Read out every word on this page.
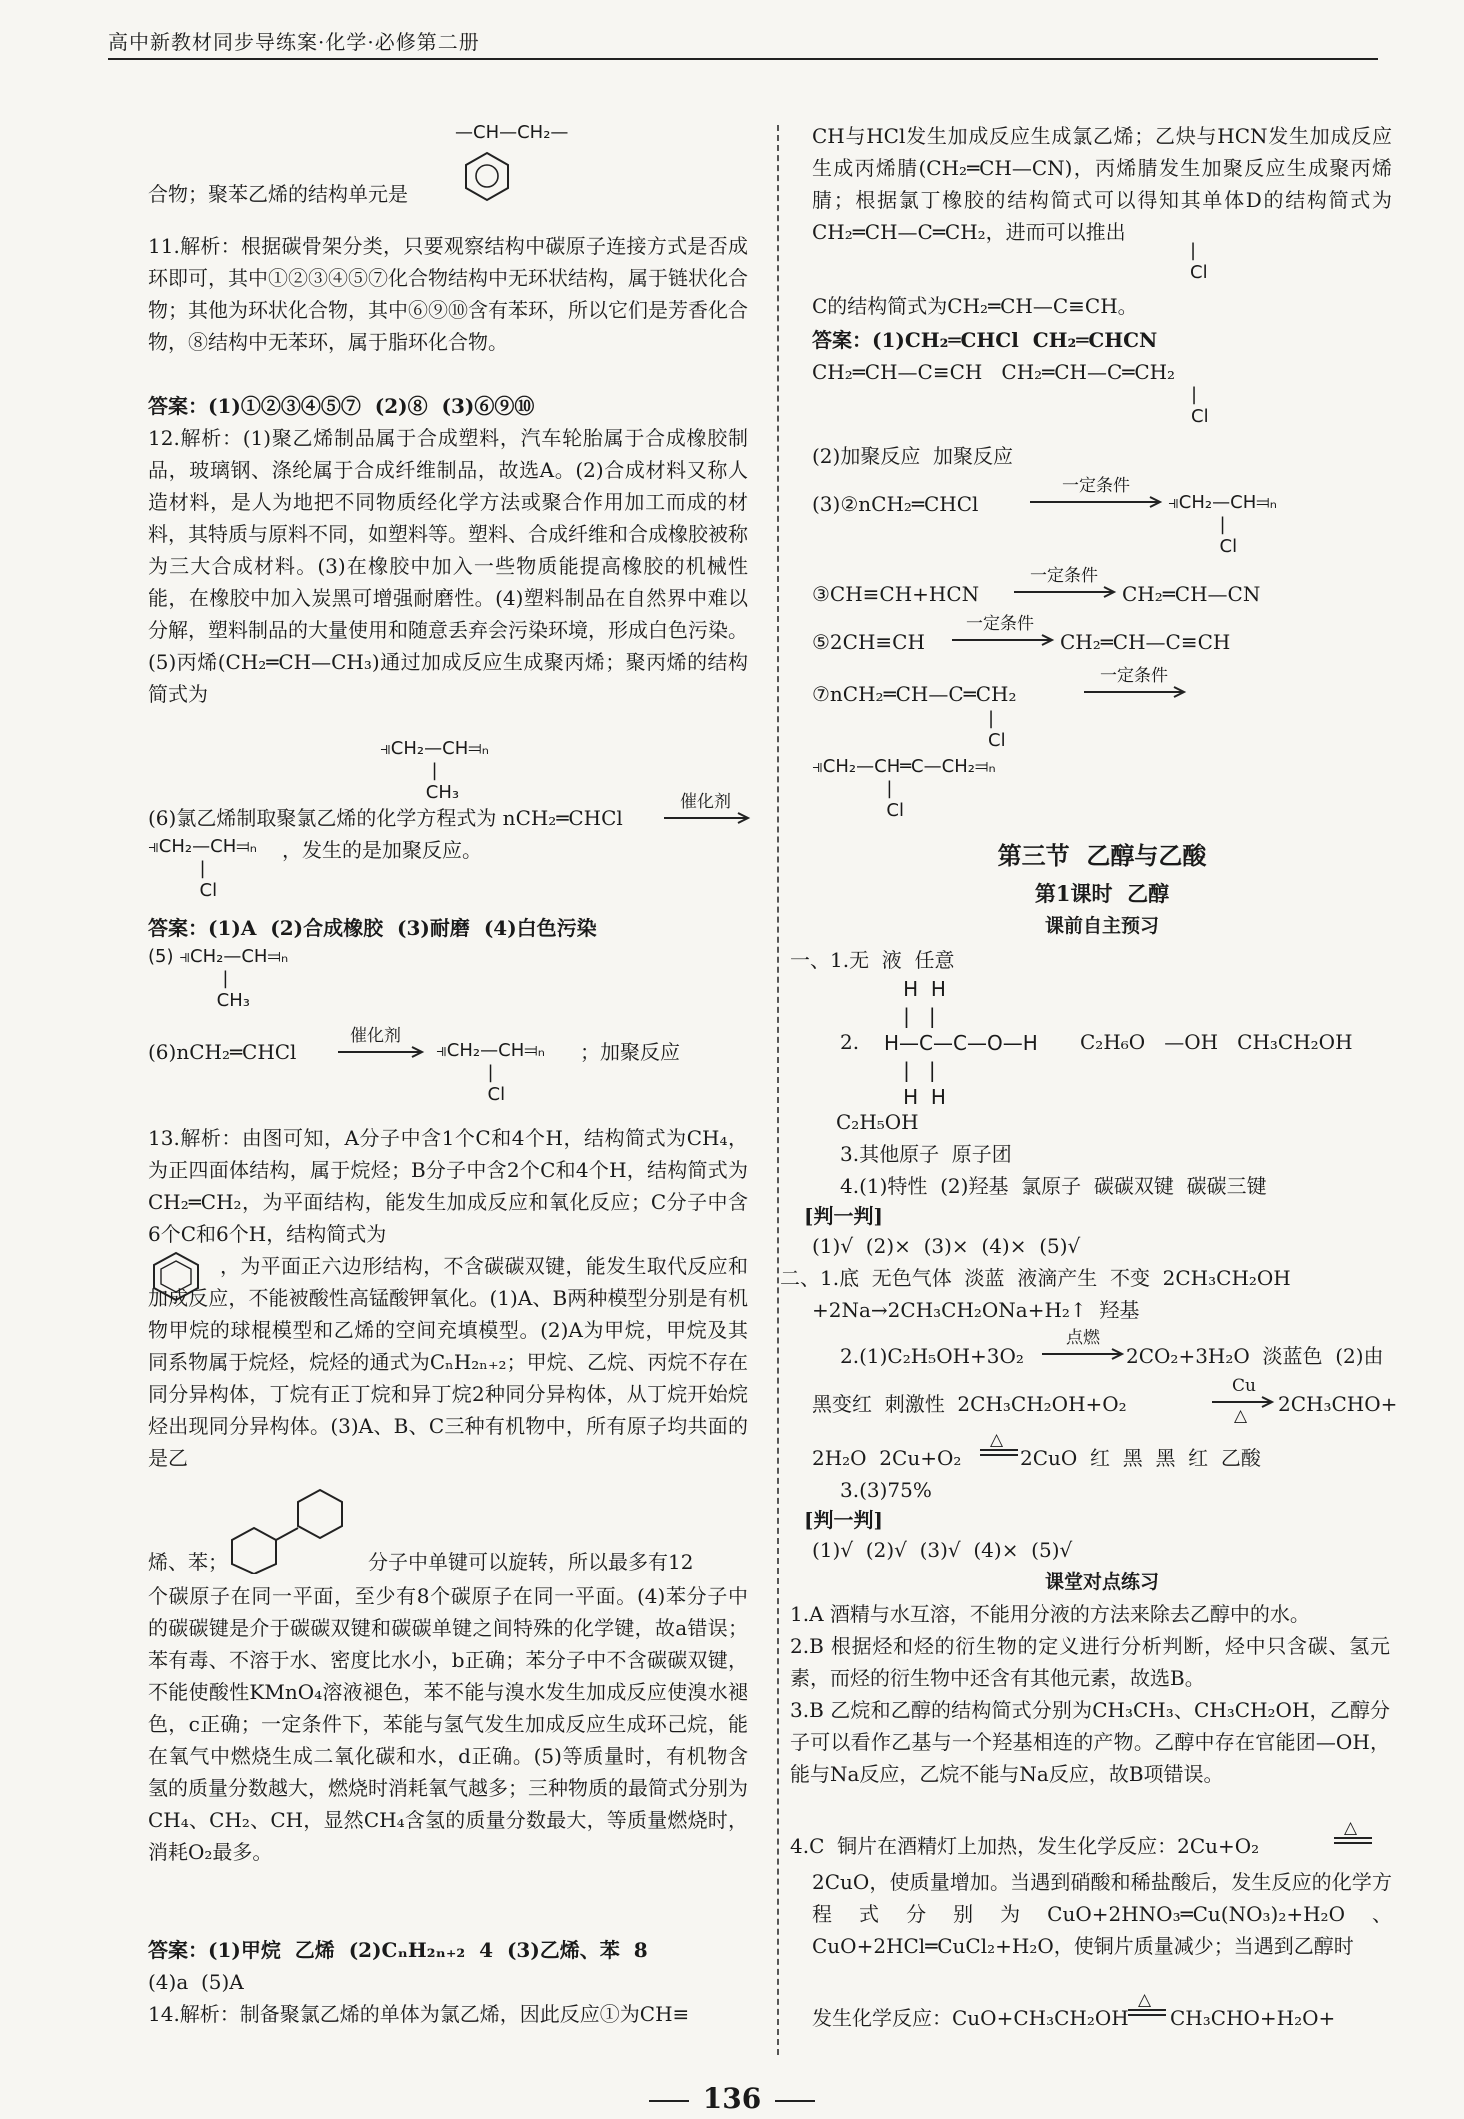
高中新教材同步导练案·化学·必修第二册
—CH—CH₂—
合物；聚苯乙烯的结构单元是
11.解析：根据碳骨架分类，只要观察结构中碳原子连接方式是否成环即可，其中①②③④⑤⑦化合物结构中无环状结构，属于链状化合物；其他为环状化合物，其中⑥⑨⑩含有苯环，所以它们是芳香化合物，⑧结构中无苯环，属于脂环化合物。
答案：(1)①②③④⑤⑦  (2)⑧  (3)⑥⑨⑩
12.解析：(1)聚乙烯制品属于合成塑料，汽车轮胎属于合成橡胶制品，玻璃钢、涤纶属于合成纤维制品，故选A。(2)合成材料又称人造材料，是人为地把不同物质经化学方法或聚合作用加工而成的材料，其特质与原料不同，如塑料等。塑料、合成纤维和合成橡胶被称为三大合成材料。(3)在橡胶中加入一些物质能提高橡胶的机械性能，在橡胶中加入炭黑可增强耐磨性。(4)塑料制品在自然界中难以分解，塑料制品的大量使用和随意丢弃会污染环境，形成白色污染。(5)丙烯(CH₂═CH—CH₃)通过加成反应生成聚丙烯；聚丙烯的结构简式为
⫣CH₂—CH⫤ₙ
|
CH₃
(6)氯乙烯制取聚氯乙烯的化学方程式为 nCH₂═CHCl
催化剂
⫣CH₂—CH⫤ₙ
|
Cl
，发生的是加聚反应。
答案：(1)A  (2)合成橡胶  (3)耐磨  (4)白色污染
(5) ⫣CH₂—CH⫤ₙ
|
CH₃
(6)nCH₂═CHCl
催化剂
⫣CH₂—CH⫤ₙ
|
Cl
；加聚反应
13.解析：由图可知，A分子中含1个C和4个H，结构简式为CH₄，为正四面体结构，属于烷烃；B分子中含2个C和4个H，结构简式为CH₂═CH₂，为平面结构，能发生加成反应和氧化反应；C分子中含6个C和6个H，结构简式为
，为平面正六边形结构，不含碳碳双键，能发生取代反应和加成反应，不能被酸性高锰酸钾氧化。(1)A、B两种模型分别是有机物甲烷的球棍模型和乙烯的空间充填模型。(2)A为甲烷，甲烷及其同系物属于烷烃，烷烃的通式为CₙH₂ₙ₊₂；甲烷、乙烷、丙烷不存在同分异构体，丁烷有正丁烷和异丁烷2种同分异构体，从丁烷开始烷烃出现同分异构体。(3)A、B、C三种有机物中，所有原子均共面的是乙
烯、苯；	分子中单键可以旋转，所以最多有12
个碳原子在同一平面，至少有8个碳原子在同一平面。(4)苯分子中的碳碳键是介于碳碳双键和碳碳单键之间特殊的化学键，故a错误；苯有毒、不溶于水、密度比水小，b正确；苯分子中不含碳碳双键，不能使酸性KMnO₄溶液褪色，苯不能与溴水发生加成反应使溴水褪色，c正确；一定条件下，苯能与氢气发生加成反应生成环己烷，能在氧气中燃烧生成二氧化碳和水，d正确。(5)等质量时，有机物含氢的质量分数越大，燃烧时消耗氧气越多；三种物质的最简式分别为CH₄、CH₂、CH，显然CH₄含氢的质量分数最大，等质量燃烧时，消耗O₂最多。
答案：(1)甲烷  乙烯  (2)CₙH₂ₙ₊₂  4  (3)乙烯、苯  8
(4)a  (5)A
14.解析：制备聚氯乙烯的单体为氯乙烯，因此反应①为CH≡
CH与HCl发生加成反应生成氯乙烯；乙炔与HCN发生加成反应生成丙烯腈(CH₂═CH—CN)，丙烯腈发生加聚反应生成聚丙烯腈；根据氯丁橡胶的结构简式可以得知其单体D的结构简式为 CH₂═CH—C═CH₂，进而可以推出
|
Cl
C的结构简式为CH₂═CH—C≡CH。
答案：(1)CH₂═CHCl  CH₂═CHCN
CH₂═CH—C≡CH   CH₂═CH—C═CH₂
|
Cl
(2)加聚反应  加聚反应
(3)②nCH₂═CHCl
一定条件
⫣CH₂—CH⫤ₙ
|
Cl
③CH≡CH+HCN
一定条件
CH₂═CH—CN
⑤2CH≡CH
一定条件
CH₂═CH—C≡CH
⑦nCH₂═CH—C═CH₂
一定条件
|
Cl
⫣CH₂—CH═C—CH₂⫤ₙ
|
Cl
第三节  乙醇与乙酸
第1课时  乙醇
课前自主预习
一、1.无  液  任意
2.
H  H
|   |
H—C—C—O—H
|   |
H  H
C₂H₆O   —OH   CH₃CH₂OH
C₂H₅OH
3.其他原子  原子团
4.(1)特性  (2)羟基  氯原子  碳碳双键  碳碳三键
[判一判]
(1)√  (2)×  (3)×  (4)×  (5)√
二、1.底  无色气体  淡蓝  液滴产生  不变  2CH₃CH₂OH
+2Na→2CH₃CH₂ONa+H₂↑  羟基
2.(1)C₂H₅OH+3O₂
点燃
2CO₂+3H₂O  淡蓝色  (2)由
黑变红  刺激性  2CH₃CH₂OH+O₂
Cu
△ 2CH₃CHO+
2H₂O  2Cu+O₂
△
2CuO  红  黑  黑  红  乙酸
3.(3)75%
[判一判]
(1)√  (2)√  (3)√  (4)×  (5)√
课堂对点练习
1.A 酒精与水互溶，不能用分液的方法来除去乙醇中的水。
2.B 根据烃和烃的衍生物的定义进行分析判断，烃中只含碳、氢元素，而烃的衍生物中还含有其他元素，故选B。
3.B 乙烷和乙醇的结构简式分别为CH₃CH₃、CH₃CH₂OH，乙醇分子可以看作乙基与一个羟基相连的产物。乙醇中存在官能团—OH，能与Na反应，乙烷不能与Na反应，故B项错误。
4.C  铜片在酒精灯上加热，发生化学反应：2Cu+O₂
△
2CuO，使质量增加。当遇到硝酸和稀盐酸后，发生反应的化学方程式分别为CuO+2HNO₃═Cu(NO₃)₂+H₂O、CuO+2HCl═CuCl₂+H₂O，使铜片质量减少；当遇到乙醇时
发生化学反应：CuO+CH₃CH₂OH
△
CH₃CHO+H₂O+
136
